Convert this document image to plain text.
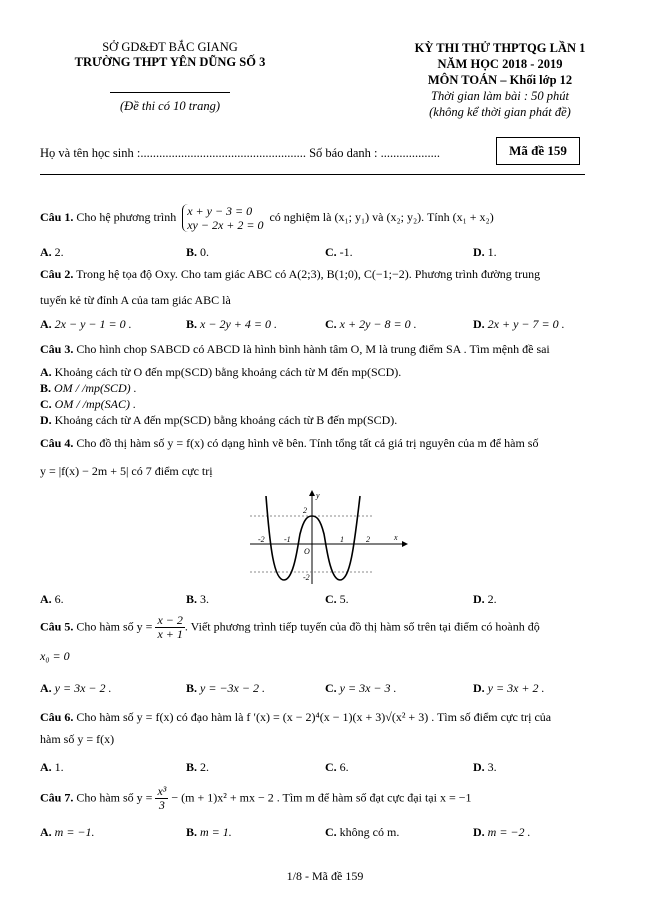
SỞ GD&ĐT BẮC GIANG
TRƯỜNG THPT YÊN DŨNG SỐ 3
(Đề thi có 10 trang)
KỲ THI THỬ THPTQG LẦN 1
NĂM HỌC 2018 - 2019
MÔN TOÁN – Khối lớp 12
Thời gian làm bài : 50 phút
(không kể thời gian phát đề)
Họ và tên học sinh :..................................................... Số báo danh : ...................	Mã đề 159
Câu 1. Cho hệ phương trình x + y − 3 = 0
xy − 2x + 2 = 0
có nghiệm là (x₁; y₁) và (x₂; y₂). Tính (x₁ + x₂)
A. 2.	B. 0.	C. -1.	D. 1.
Câu 2. Trong hệ tọa độ Oxy. Cho tam giác ABC có A(2;3), B(1;0), C(−1;−2). Phương trình đường trung
tuyến kẻ từ đỉnh A của tam giác ABC là
A. 2x − y − 1 = 0 .	B. x − 2y + 4 = 0 .	C. x + 2y − 8 = 0 .	D. 2x + y − 7 = 0 .
Câu 3. Cho hình chop SABCD có ABCD là hình bình hành tâm O, M là trung điểm SA . Tìm mệnh đề sai
A. Khoảng cách từ O đến mp(SCD) bằng khoảng cách từ M đến mp(SCD).
B. OM / /mp(SCD) .
C. OM / /mp(SAC) .
D. Khoảng cách từ A đến mp(SCD) bằng khoảng cách từ B đến mp(SCD).
Câu 4. Cho đồ thị hàm số y = f(x) có dạng hình vẽ bên. Tính tổng tất cả giá trị nguyên của m để hàm số
y = |f(x) − 2m + 5| có 7 điểm cực trị
-2 -1	1	2
2
-2
O
x
y
A. 6.	B. 3.	C. 5.	D. 2.
Câu 5. Cho hàm số $y = \frac{x - 2}{x + 1}$ . Viết phương trình tiếp tuyến của đồ thị hàm số trên tại điểm có hoành độ
x₀ = 0
A. y = 3x − 2 .	B. y = −3x − 2 .	C. y = 3x − 3 .	D. y = 3x + 2 .
Câu 6. Cho hàm số y = f(x) có đạo hàm là f ′(x) = (x − 2)⁴(x − 1)(x + 3)√(x² + 3) . Tìm số điểm cực trị của
hàm số y = f(x)
A. 1.	B. 2.	C. 6.	D. 3.
Câu 7. Cho hàm số $y = \frac{\text{x³}}{3} - (m + 1)x^2$ + mx − 2 . Tìm m để hàm số đạt cực đại tại x = −1
A. m = −1.	B. m = 1.	C. không có m.	D. m = −2 .
1/8 - Mã đề 159
